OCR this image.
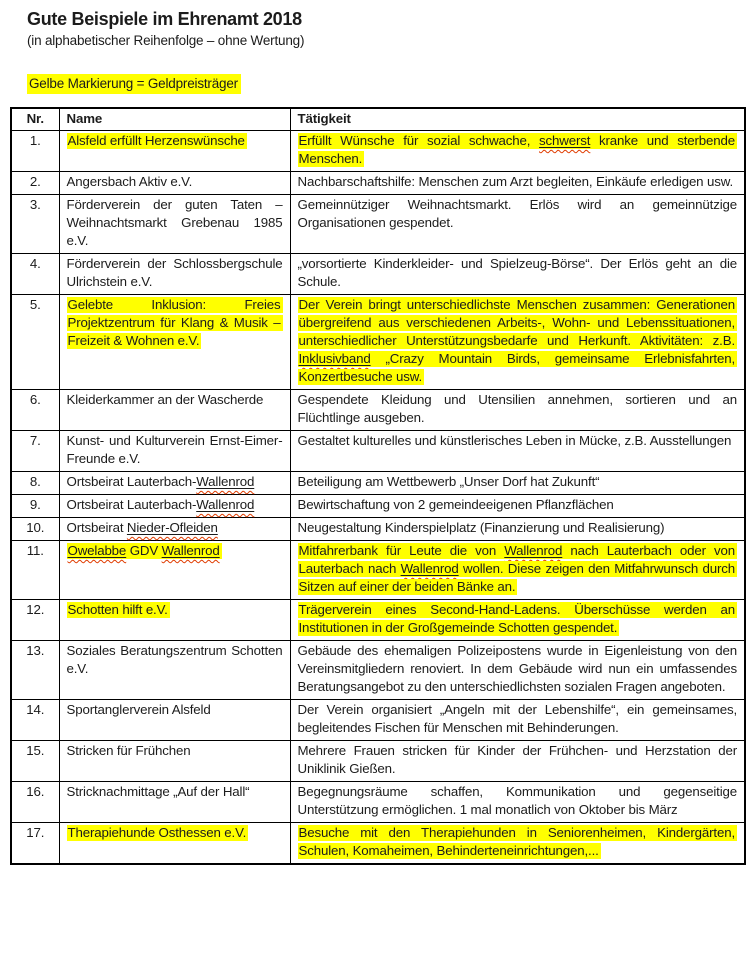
Gute Beispiele im Ehrenamt 2018
(in alphabetischer Reihenfolge – ohne Wertung)
Gelbe Markierung = Geldpreisträger
Nr.	Name	Tätigkeit
1.	Alsfeld erfüllt Herzenswünsche	Erfüllt Wünsche für sozial schwache, schwerst kranke und sterbende Menschen.
2.	Angersbach Aktiv e.V.	Nachbarschaftshilfe: Menschen zum Arzt begleiten, Einkäufe erledigen usw.
3.	Förderverein der guten Taten – Weihnachtsmarkt Grebenau 1985 e.V.	Gemeinnütziger Weihnachtsmarkt. Erlös wird an gemeinnützige Organisationen gespendet.
4.	Förderverein der Schlossbergschule Ulrichstein e.V.	„vorsortierte Kinderkleider- und Spielzeug-Börse“. Der Erlös geht an die Schule.
5.	Gelebte Inklusion: Freies Projektzentrum für Klang & Musik – Freizeit & Wohnen e.V.	Der Verein bringt unterschiedlichste Menschen zusammen: Generationen übergreifend aus verschiedenen Arbeits-, Wohn- und Lebenssituationen, unterschiedlicher Unterstützungsbedarfe und Herkunft. Aktivitäten: z.B. Inklusivband „Crazy Mountain Birds, gemeinsame Erlebnisfahrten, Konzertbesuche usw.
6.	Kleiderkammer an der Wascherde	Gespendete Kleidung und Utensilien annehmen, sortieren und an Flüchtlinge ausgeben.
7.	Kunst- und Kulturverein Ernst-Eimer-Freunde e.V.	Gestaltet kulturelles und künstlerisches Leben in Mücke, z.B. Ausstellungen
8.	Ortsbeirat Lauterbach-Wallenrod	Beteiligung am Wettbewerb „Unser Dorf hat Zukunft“
9.	Ortsbeirat Lauterbach-Wallenrod	Bewirtschaftung von 2 gemeindeeigenen Pflanzflächen
10.	Ortsbeirat Nieder-Ofleiden	Neugestaltung Kinderspielplatz (Finanzierung und Realisierung)
11.	Owelabbe GDV Wallenrod	Mitfahrerbank für Leute die von Wallenrod nach Lauterbach oder von Lauterbach nach Wallenrod wollen. Diese zeigen den Mitfahrwunsch durch Sitzen auf einer der beiden Bänke an.
12.	Schotten hilft e.V.	Trägerverein eines Second-Hand-Ladens. Überschüsse werden an Institutionen in der Großgemeinde Schotten gespendet.
13.	Soziales Beratungszentrum Schotten e.V.	Gebäude des ehemaligen Polizeipostens wurde in Eigenleistung von den Vereinsmitgliedern renoviert. In dem Gebäude wird nun ein umfassendes Beratungsangebot zu den unterschiedlichsten sozialen Fragen angeboten.
14.	Sportanglerverein Alsfeld	Der Verein organisiert „Angeln mit der Lebenshilfe“, ein gemeinsames, begleitendes Fischen für Menschen mit Behinderungen.
15.	Stricken für Frühchen	Mehrere Frauen stricken für Kinder der Frühchen- und Herzstation der Uniklinik Gießen.
16.	Stricknachmittage „Auf der Hall“	Begegnungsräume schaffen, Kommunikation und gegenseitige Unterstützung ermöglichen. 1 mal monatlich von Oktober bis März
17.	Therapiehunde Osthessen e.V.	Besuche mit den Therapiehunden in Seniorenheimen, Kindergärten, Schulen, Komaheimen, Behinderteneinrichtungen,...
